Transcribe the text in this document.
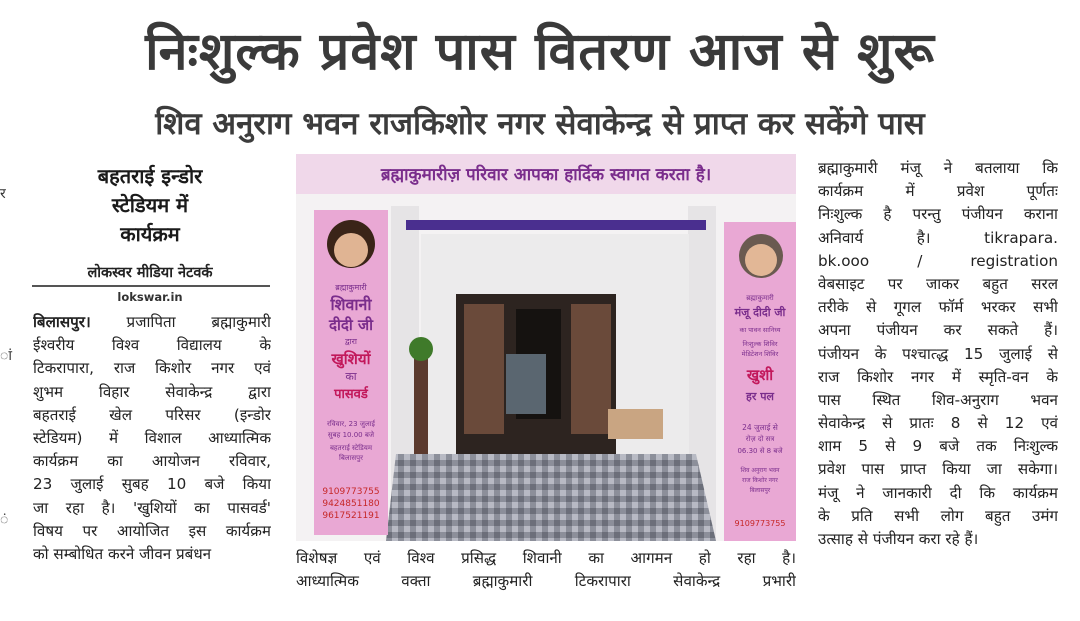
निःशुल्क प्रवेश पास वितरण आज से शुरू
शिव अनुराग भवन राजकिशोर नगर सेवाकेन्द्र से प्राप्त कर सकेंगे पास
र
ां
ं
बहतराई इन्डोर
स्टेडियम में
कार्यक्रम
लोकस्वर मीडिया नेटवर्क
lokswar.in
बिलासपुर। प्रजापिता ब्रह्माकुमारी
ईश्वरीय विश्व विद्यालय के
टिकरापारा, राज किशोर नगर एवं
शुभम विहार सेवाकेन्द्र द्वारा
बहतराई खेल परिसर (इन्डोर
स्टेडियम) में विशाल आध्यात्मिक
कार्यक्रम का आयोजन रविवार,
23 जुलाई सुबह 10 बजे किया
जा रहा है। 'खुशियों का पासवर्ड'
विषय पर आयोजित इस कार्यक्रम
को सम्बोधित करने जीवन प्रबंधन
ब्रह्माकुमारीज़ परिवार आपका हार्दिक स्वागत करता है।
ब्रह्माकुमारी
शिवानी
दीदी जी
द्वारा
खुशियों
का
पासवर्ड
रविवार, 23 जुलाई
सुबह 10.00 बजे
बहतराई स्टेडियम
बिलासपुर
9109773755
9424851180
9617521191
ब्रह्माकुमारी
मंजू दीदी जी
का पावन सानिध्य
निःशुल्क शिविर
मेडिटेशन शिविर
खुशी
हर पल
24 जुलाई से
रोज़ दो सत्र
06.30 से 8 बजे
शिव अनुराग भवन
राज किशोर नगर
बिलासपुर
9109773755
विशेषज्ञ एवं विश्व प्रसिद्ध शिवानी का आगमन हो रहा है।
आध्यात्मिक वक्ता ब्रह्माकुमारी टिकरापारा सेवाकेन्द्र प्रभारी
ब्रह्माकुमारी मंजू ने बतलाया कि
कार्यक्रम में प्रवेश पूर्णतः
निःशुल्क है परन्तु पंजीयन कराना
अनिवार्य है। tikrapara.
bk.ooo / registration
वेबसाइट पर जाकर बहुत सरल
तरीके से गूगल फॉर्म भरकर सभी
अपना पंजीयन कर सकते हैं।
पंजीयन के पश्चात्द्ध 15 जुलाई से
राज किशोर नगर में स्मृति-वन के
पास स्थित शिव-अनुराग भवन
सेवाकेन्द्र से प्रातः 8 से 12 एवं
शाम 5 से 9 बजे तक निःशुल्क
प्रवेश पास प्राप्त किया जा सकेगा।
मंजू ने जानकारी दी कि कार्यक्रम
के प्रति सभी लोग बहुत उमंग
उत्साह से पंजीयन करा रहे हैं।
